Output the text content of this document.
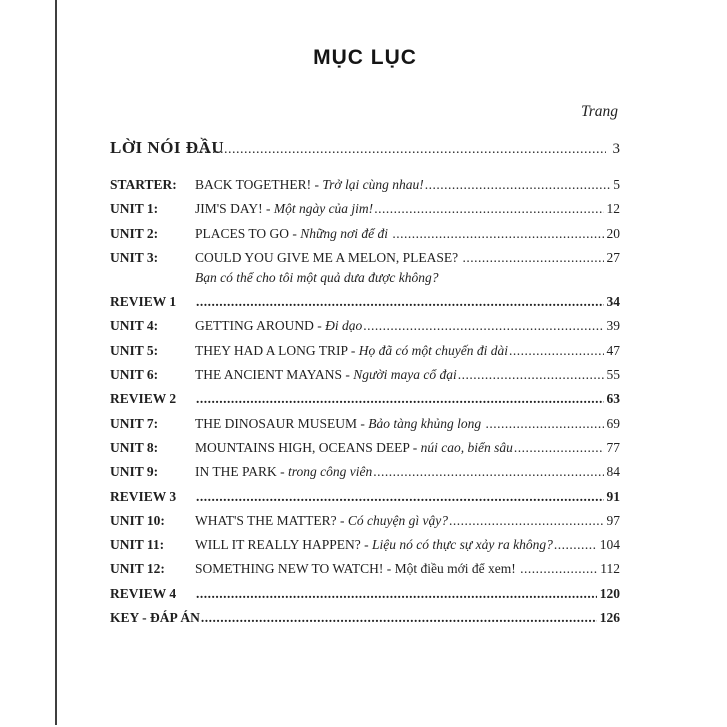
MỤC LỤC
Trang
LỜI NÓI ĐẦU .....	3
STARTER:	BACK TOGETHER! - Trở lại cùng nhau! .....	5
UNIT 1:	JIM'S DAY! - Một ngày của jim! .....	12
UNIT 2:	PLACES TO GO - Những nơi để đi .....	20
UNIT 3:	COULD YOU GIVE ME A MELON, PLEASE? .....	27
Bạn có thể cho tôi một quả dưa được không?
REVIEW 1 .....	34
UNIT 4:	GETTING AROUND - Đi dạo .....	39
UNIT 5:	THEY HAD A LONG TRIP - Họ đã có một chuyến đi dài .....	47
UNIT 6:	THE ANCIENT MAYANS - Người maya cổ đại .....	55
REVIEW 2 .....	63
UNIT 7:	THE DINOSAUR MUSEUM - Bảo tàng khủng long .....	69
UNIT 8:	MOUNTAINS HIGH, OCEANS DEEP - núi cao, biển sâu .....	77
UNIT 9:	IN THE PARK - trong công viên .....	84
REVIEW 3 .....	91
UNIT 10:	WHAT'S THE MATTER? - Có chuyện gì vậy? .....	97
UNIT 11:	WILL IT REALLY HAPPEN? - Liệu nó có thực sự xảy ra không? .....	104
UNIT 12:	SOMETHING NEW TO WATCH! - Một điều mới để xem! .....	112
REVIEW 4 .....	120
KEY - ĐÁP ÁN .....	126
